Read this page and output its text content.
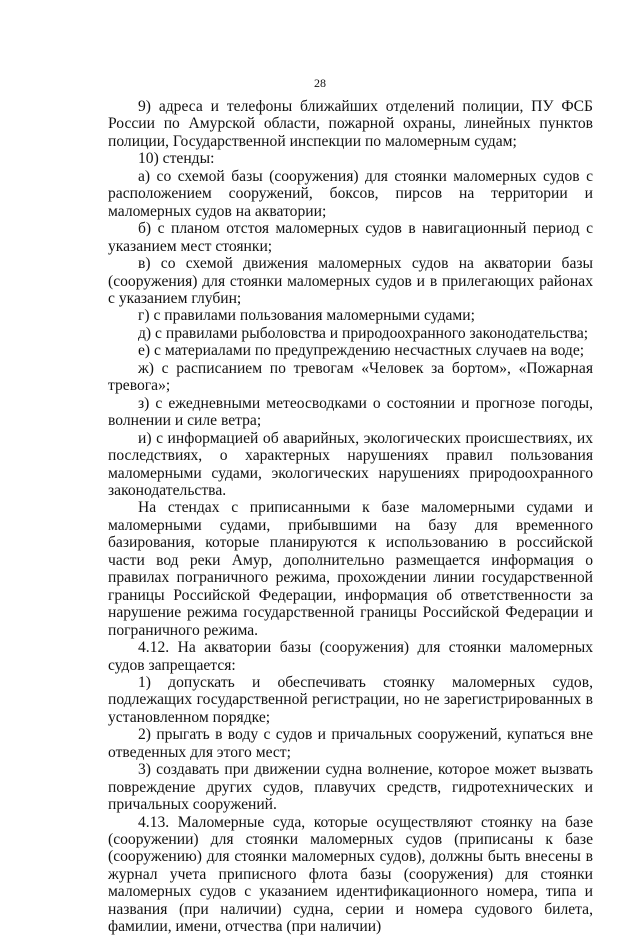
28

9) адреса и телефоны ближайших отделений полиции, ПУ ФСБ России по Амурской области, пожарной охраны, линейных пунктов полиции, Государственной инспекции по маломерным судам;

10) стенды:

а) со схемой базы (сооружения) для стоянки маломерных судов с расположением сооружений, боксов, пирсов на территории и маломерных судов на акватории;

б) с планом отстоя маломерных судов в навигационный период с указанием мест стоянки;

в) со схемой движения маломерных судов на акватории базы (сооружения) для стоянки маломерных судов и в прилегающих районах с указанием глубин;

г) с правилами пользования маломерными судами;

д) с правилами рыболовства и природоохранного законодательства;

е) с материалами по предупреждению несчастных случаев на воде;

ж) с расписанием по тревогам «Человек за бортом», «Пожарная тревога»;

з) с ежедневными метеосводками о состоянии и прогнозе погоды, волнении и силе ветра;

и) с информацией об аварийных, экологических происшествиях, их последствиях, о характерных нарушениях правил пользования маломерными судами, экологических нарушениях природоохранного законодательства.

На стендах с приписанными к базе маломерными судами и маломерными судами, прибывшими на базу для временного базирования, которые планируются к использованию в российской части вод реки Амур, дополнительно размещается информация о правилах пограничного режима, прохождении линии государственной границы Российской Федерации, информация об ответственности за нарушение режима государственной границы Российской Федерации и пограничного режима.

4.12. На акватории базы (сооружения) для стоянки маломерных судов запрещается:

1) допускать и обеспечивать стоянку маломерных судов, подлежащих государственной регистрации, но не зарегистрированных в установленном порядке;

2) прыгать в воду с судов и причальных сооружений, купаться вне отведенных для этого мест;

3) создавать при движении судна волнение, которое может вызвать повреждение других судов, плавучих средств, гидротехнических и причальных сооружений.

4.13. Маломерные суда, которые осуществляют стоянку на базе (сооружении) для стоянки маломерных судов (приписаны к базе (сооружению) для стоянки маломерных судов), должны быть внесены в журнал учета приписного флота базы (сооружения) для стоянки маломерных судов с указанием идентификационного номера, типа и названия (при наличии) судна, серии и номера судового билета, фамилии, имени, отчества (при наличии)
